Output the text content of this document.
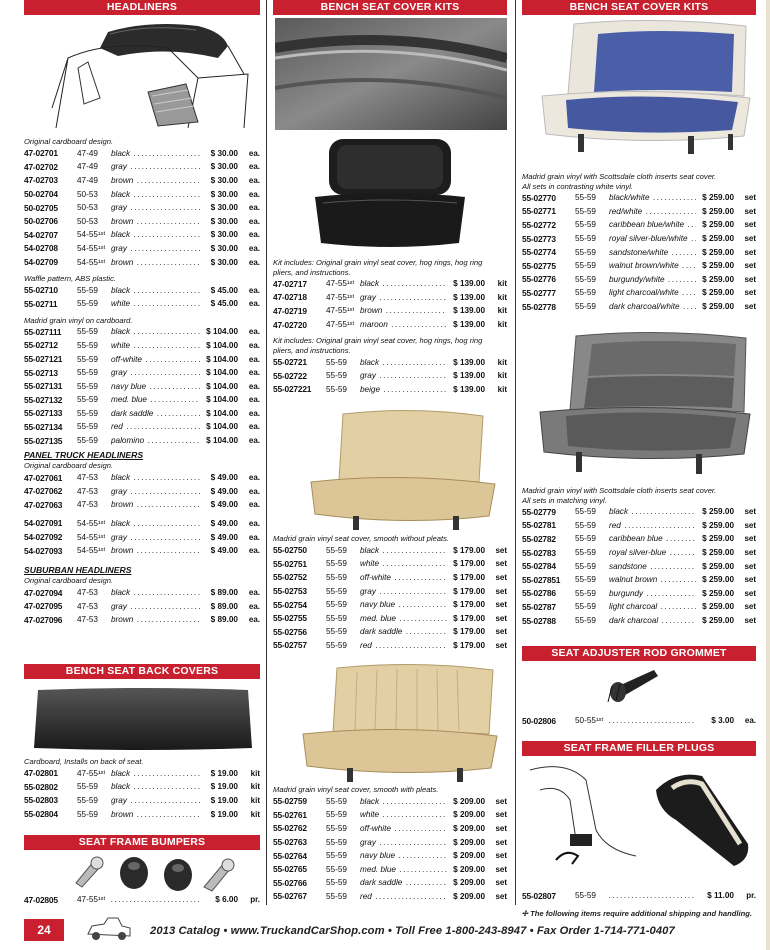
HEADLINERS
Original cardboard design.
47-02701	47-49	black .....	$ 30.00	ea.
47-02702	47-49	gray .....	$ 30.00	ea.
47-02703	47-49	brown .....	$ 30.00	ea.
50-02704	50-53	black .....	$ 30.00	ea.
50-02705	50-53	gray .....	$ 30.00	ea.
50-02706	50-53	brown .....	$ 30.00	ea.
54-02707	54-55¹ˢᵗ black .....	$ 30.00	ea.
54-02708	54-55¹ˢᵗ gray .....	$ 30.00	ea.
54-02709	54-55¹ˢᵗ brown .....	$ 30.00	ea.
Waffle pattern, ABS plastic.
55-02710	55-59	black .....	$ 45.00	ea.
55-02711	55-59	white .....	$ 45.00	ea.
Madrid grain vinyl on cardboard.
55-027111	55-59	black .....	$ 104.00	ea.
55-02712	55-59	white .....	$ 104.00	ea.
55-027121	55-59	off-white .....	$ 104.00	ea.
55-02713	55-59	gray .....	$ 104.00	ea.
55-027131	55-59	navy blue .....	$ 104.00	ea.
55-027132	55-59	med. blue .....	$ 104.00	ea.
55-027133	55-59	dark saddle .....	$ 104.00	ea.
55-027134	55-59	red .....	$ 104.00	ea.
55-027135	55-59	palomino .....	$ 104.00	ea.
PANEL TRUCK HEADLINERS
Original cardboard design.
47-027061	47-53	black .....	$ 49.00	ea.
47-027062	47-53	gray .....	$ 49.00	ea.
47-027063	47-53	brown .....	$ 49.00	ea.
54-027091	54-55¹ˢᵗ black .....	$ 49.00	ea.
54-027092	54-55¹ˢᵗ gray .....	$ 49.00	ea.
54-027093	54-55¹ˢᵗ brown .....	$ 49.00	ea.
SUBURBAN HEADLINERS
Original cardboard design.
47-027094	47-53	black .....	$ 89.00	ea.
47-027095	47-53	gray .....	$ 89.00	ea.
47-027096	47-53	brown .....	$ 89.00	ea.
BENCH SEAT BACK COVERS
Cardboard, Installs on back of seat.
47-02801	47-55¹ˢᵗ black .....	$ 19.00	kit
55-02802	55-59	black .....	$ 19.00	kit
55-02803	55-59	gray .....	$ 19.00	kit
55-02804	55-59	brown .....	$ 19.00	kit
SEAT FRAME BUMPERS
47-02805	47-55¹ˢᵗ .....	$ 6.00	pr.
BENCH SEAT COVER KITS
Kit includes: Original grain vinyl seat cover, hog rings, hog ring pliers, and instructions.
47-02717	47-55¹ˢᵗ black .....	$ 139.00	kit
47-02718	47-55¹ˢᵗ gray .....	$ 139.00	kit
47-02719	47-55¹ˢᵗ brown .....	$ 139.00	kit
47-02720	47-55¹ˢᵗ maroon .....	$ 139.00	kit
Kit includes: Original grain vinyl seat cover, hog rings, hog ring pliers, and instructions.
55-02721	55-59	black .....	$ 139.00	kit
55-02722	55-59	gray .....	$ 139.00	kit
55-027221	55-59	beige .....	$ 139.00	kit
Madrid grain vinyl seat cover, smooth without pleats.
55-02750	55-59	black .....	$ 179.00	set
55-02751	55-59	white .....	$ 179.00	set
55-02752	55-59	off-white .....	$ 179.00	set
55-02753	55-59	gray .....	$ 179.00	set
55-02754	55-59	navy blue .....	$ 179.00	set
55-02755	55-59	med. blue .....	$ 179.00	set
55-02756	55-59	dark saddle .....	$ 179.00	set
55-02757	55-59	red .....	$ 179.00	set
Madrid grain vinyl seat cover, smooth with pleats.
55-02759	55-59	black .....	$ 209.00	set
55-02761	55-59	white .....	$ 209.00	set
55-02762	55-59	off-white .....	$ 209.00	set
55-02763	55-59	gray .....	$ 209.00	set
55-02764	55-59	navy blue .....	$ 209.00	set
55-02765	55-59	med. blue .....	$ 209.00	set
55-02766	55-59	dark saddle .....	$ 209.00	set
55-02767	55-59	red .....	$ 209.00	set
BENCH SEAT COVER KITS
Madrid grain vinyl with Scottsdale cloth inserts seat cover.
All sets in contrasting white vinyl.
55-02770	55-59	black/white .....	$ 259.00	set
55-02771	55-59	red/white .....	$ 259.00	set
55-02772	55-59	caribbean blue/white .....	$ 259.00	set
55-02773	55-59	royal silver-blue/white .....	$ 259.00	set
55-02774	55-59	sandstone/white .....	$ 259.00	set
55-02775	55-59	walnut brown/white .....	$ 259.00	set
55-02776	55-59	burgundy/white .....	$ 259.00	set
55-02777	55-59	light charcoal/white .....	$ 259.00	set
55-02778	55-59	dark charcoal/white .....	$ 259.00	set
Madrid grain vinyl with Scottsdale cloth inserts seat cover.
All sets in matching vinyl.
55-02779	55-59	black .....	$ 259.00	set
55-02781	55-59	red .....	$ 259.00	set
55-02782	55-59	caribbean blue .....	$ 259.00	set
55-02783	55-59	royal silver-blue .....	$ 259.00	set
55-02784	55-59	sandstone .....	$ 259.00	set
55-027851	55-59	walnut brown .....	$ 259.00	set
55-02786	55-59	burgundy .....	$ 259.00	set
55-02787	55-59	light charcoal .....	$ 259.00	set
55-02788	55-59	dark charcoal .....	$ 259.00	set
SEAT ADJUSTER ROD GROMMET
50-02806	50-55¹ˢᵗ .....	$ 3.00	ea.
SEAT FRAME FILLER PLUGS
55-02807	55-59 .....	$ 11.00	pr.
✢ The following items require additional shipping and handling.
24	2013 Catalog • www.TruckandCarShop.com • Toll Free 1-800-243-8947 • Fax Order 1-714-771-0407
